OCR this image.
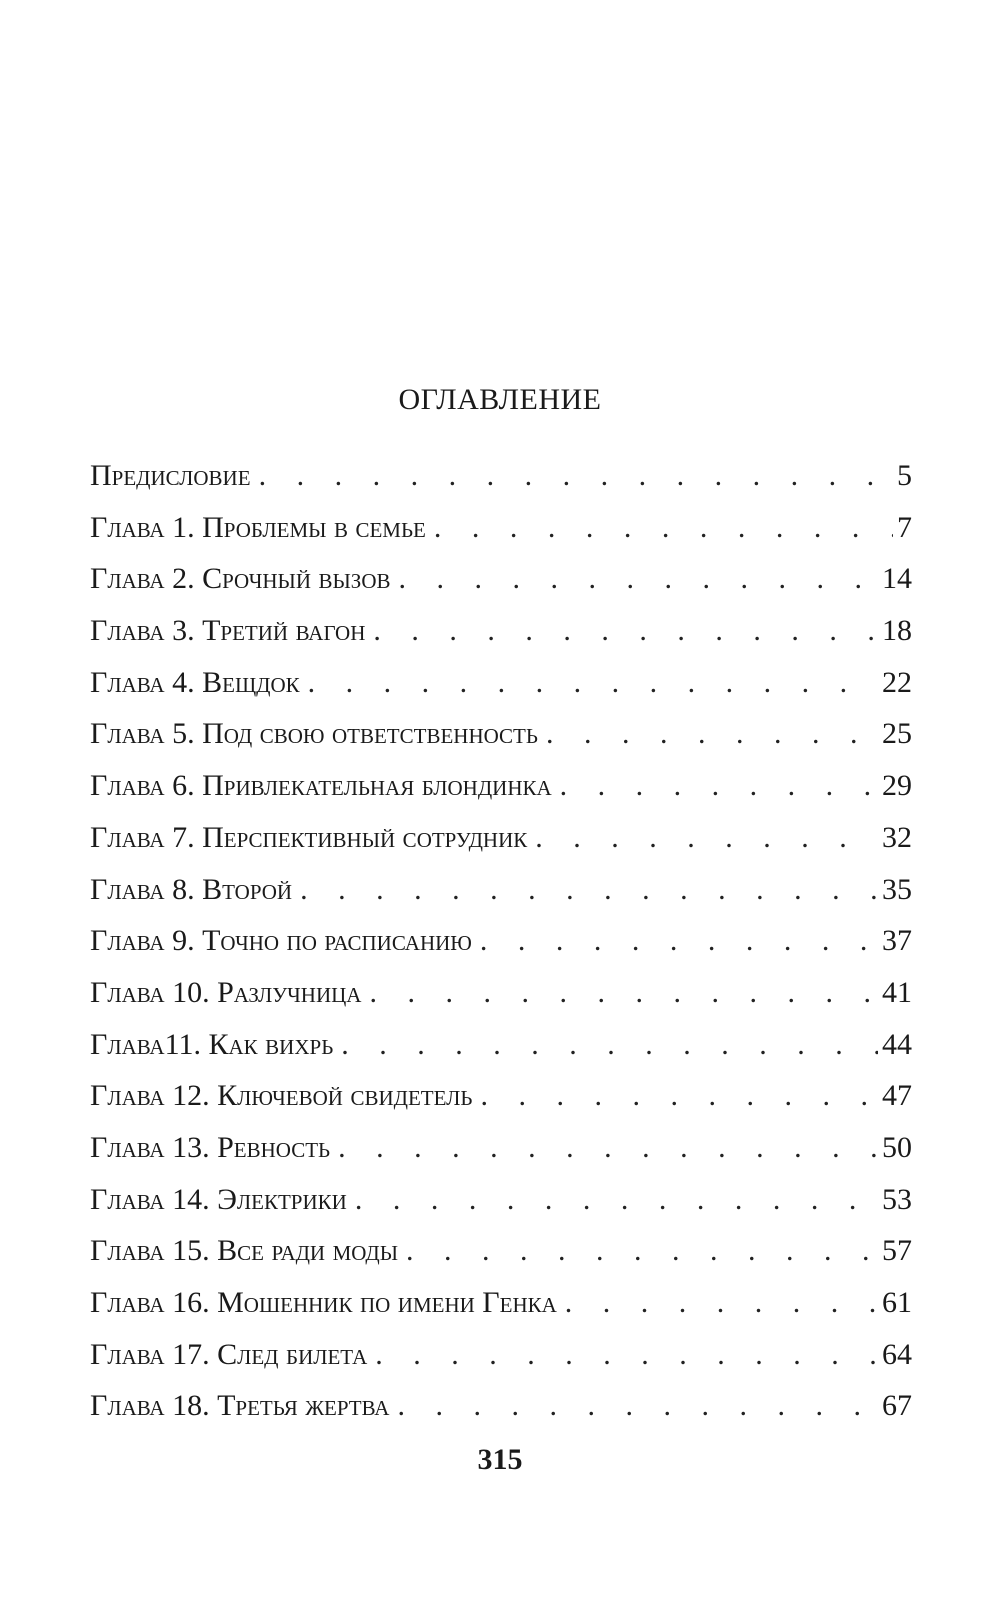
ОГЛАВЛЕНИЕ
Предисловие . . .	5
Глава 1. Проблемы в семье . . .	7
Глава 2. Срочный вызов . . .	14
Глава 3. Третий вагон . . .	18
Глава 4. Вещдок . . .	22
Глава 5. Под свою ответственность . . .	25
Глава 6. Привлекательная блондинка . . .	29
Глава 7. Перспективный сотрудник . . .	32
Глава 8. Второй . . .	35
Глава 9. Точно по расписанию . . .	37
Глава 10. Разлучница . . .	41
Глава11. Как вихрь . . .	44
Глава 12. Ключевой свидетель . . .	47
Глава 13. Ревность . . .	50
Глава 14. Электрики . . .	53
Глава 15. Все ради моды . . .	57
Глава 16. Мошенник по имени Генка . . .	61
Глава 17. След билета . . .	64
Глава 18. Третья жертва . . .	67
315
